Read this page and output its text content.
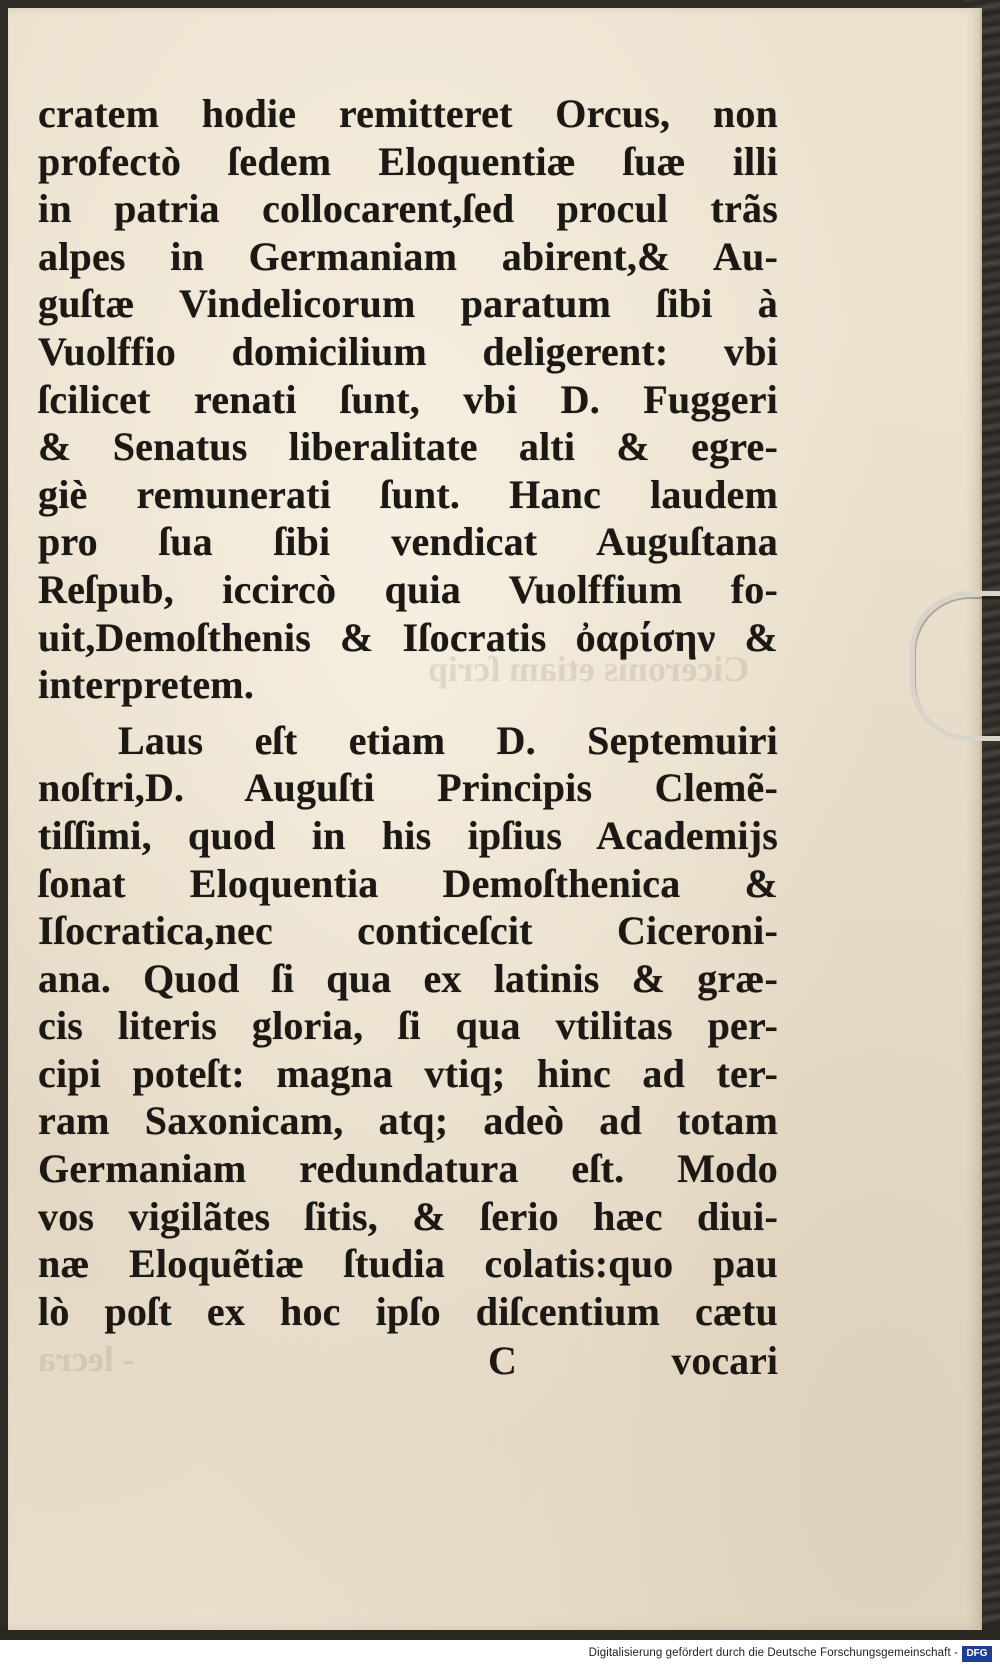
Ciceronis etiam ſcrip
- lecra
cratem hodie remitteret Orcus, non
profectò ſedem Eloquentiæ ſuæ illi
in patria collocarent,ſed procul trãs
alpes in Germaniam abirent,& Au-
guſtæ Vindelicorum paratum ſibi à
Vuolffio domicilium deligerent: vbi
ſcilicet renati ſunt, vbi D. Fuggeri
& Senatus liberalitate alti & egre-
giè remunerati ſunt. Hanc laudem
pro ſua ſibi vendicat Auguſtana
Reſpub, iccircò quia Vuolffium fo-
uit,Demoſthenis & Iſocratis ὀαρίσην &
interpretem.
Laus eſt etiam D. Septemuiri
noſtri,D. Auguſti Principis Clemẽ-
tiſſimi, quod in his ipſius Academijs
ſonat Eloquentia Demoſthenica &
Iſocratica,nec conticeſcit Ciceroni-
ana. Quod ſi qua ex latinis & græ-
cis literis gloria, ſi qua vtilitas per-
cipi poteſt: magna vtiq; hinc ad ter-
ram Saxonicam, atq; adeò ad totam
Germaniam redundatura eſt. Modo
vos vigilãtes ſitis, & ſerio hæc diui-
næ Eloquẽtiæ ſtudia colatis:quo pau
lò poſt ex hoc ipſo diſcentium cætu
C	vocari
Digitalisierung gefördert durch die Deutsche Forschungsgemeinschaft - DFG
